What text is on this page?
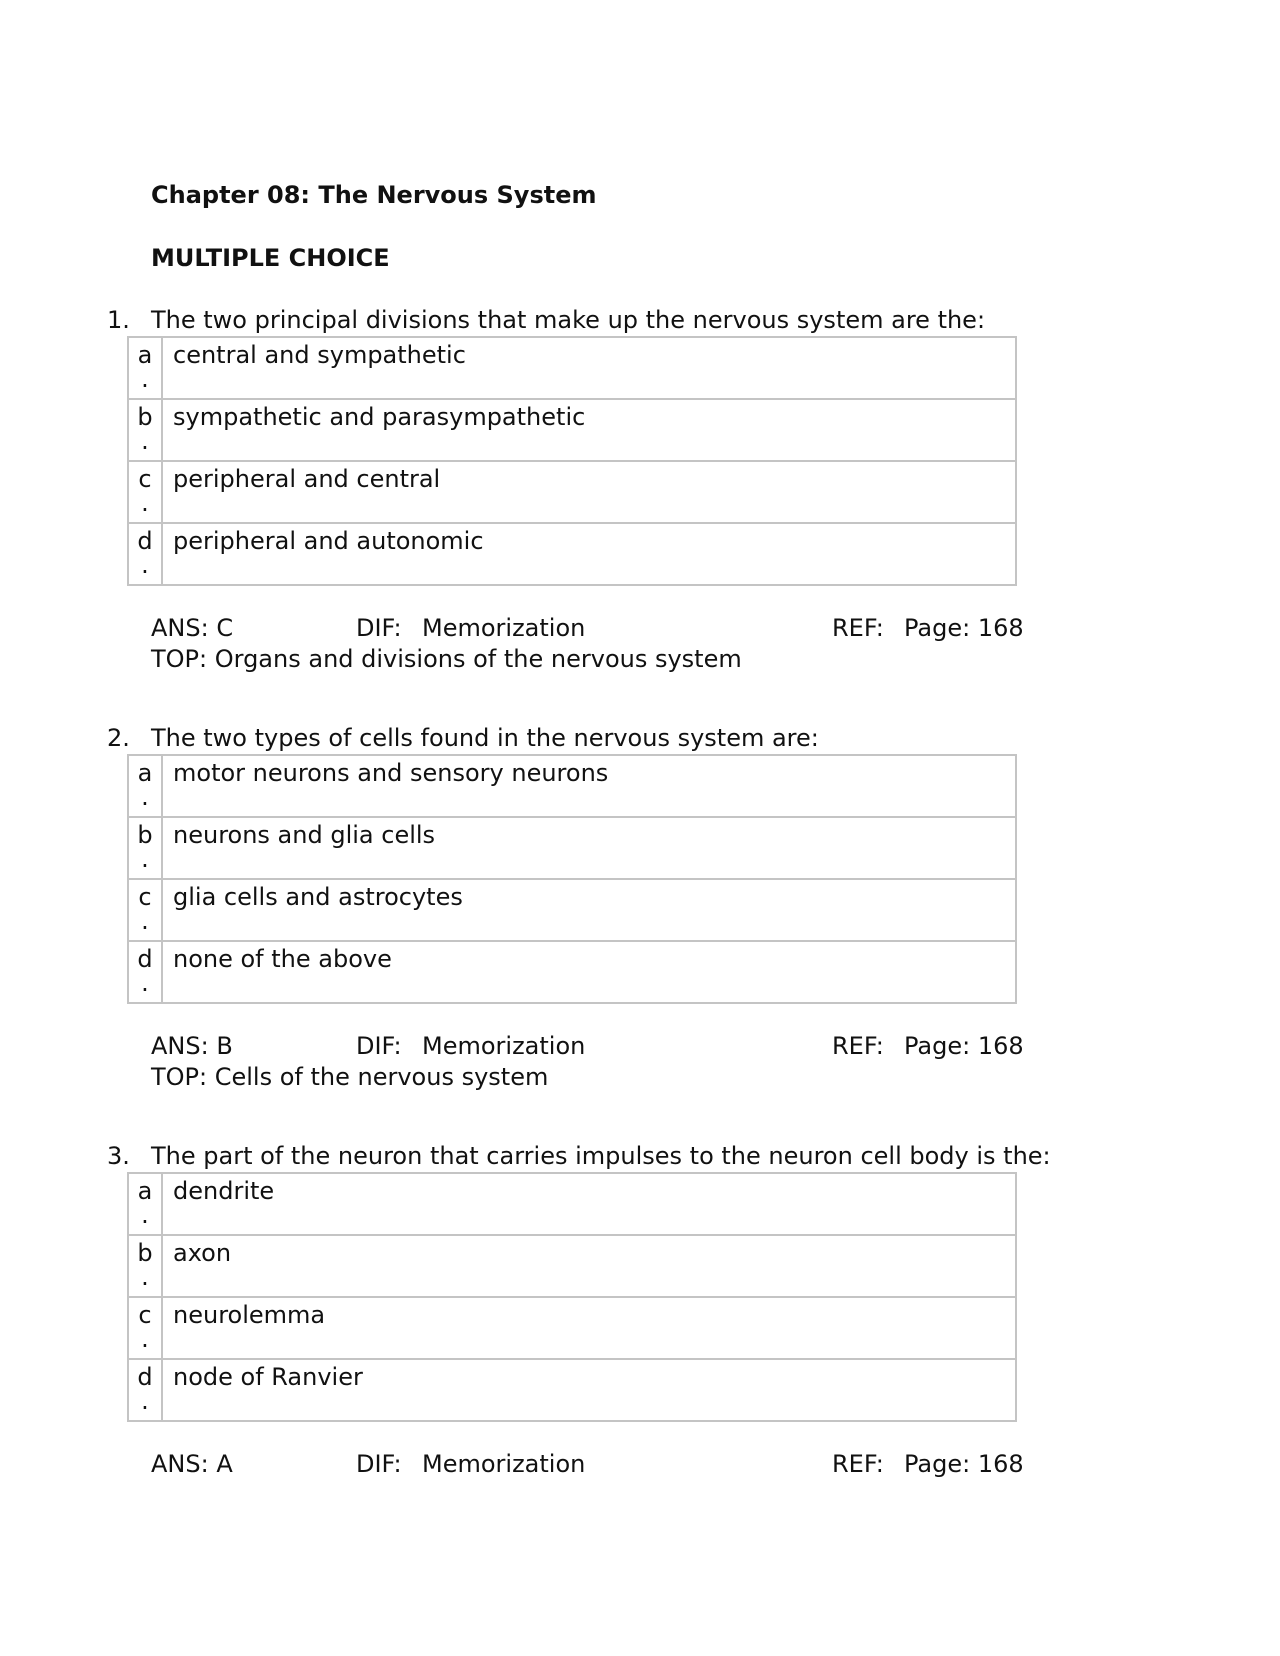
Chapter 08: The Nervous System
MULTIPLE CHOICE
1. The two principal divisions that make up the nervous system are the:
a
.	central and sympathetic

b
.	sympathetic and parasympathetic

c
.	peripheral and central

d
.	peripheral and autonomic
ANS: C	DIF: Memorization	REF: Page: 168
TOP: Organs and divisions of the nervous system
2. The two types of cells found in the nervous system are:
a
.	motor neurons and sensory neurons

b
.	neurons and glia cells

c
.	glia cells and astrocytes

d
.	none of the above
ANS: B	DIF: Memorization	REF: Page: 168
TOP: Cells of the nervous system
3. The part of the neuron that carries impulses to the neuron cell body is the:
a
.	dendrite

b
.	axon

c
.	neurolemma

d
.	node of Ranvier
ANS: A	DIF: Memorization	REF: Page: 168
